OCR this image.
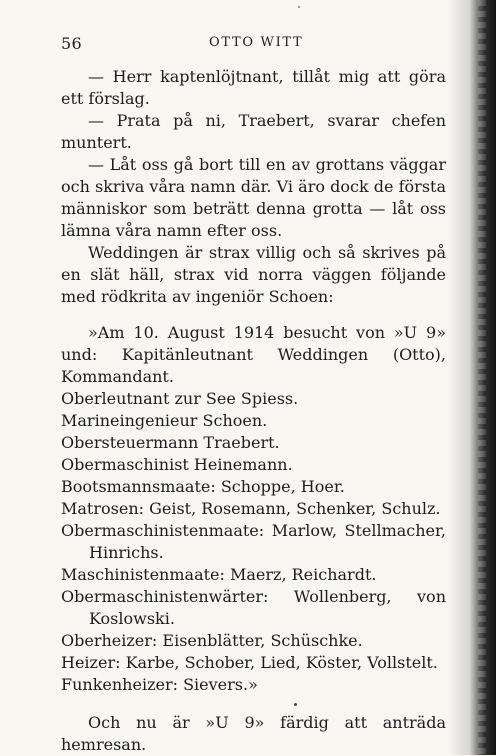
56	OTTO WITT

— Herr kaptenlöjtnant, tillåt mig att göra ett förslag.

— Prata på ni, Traebert, svarar chefen muntert.

— Låt oss gå bort till en av grottans väggar och skriva våra namn där. Vi äro dock de första människor som beträtt denna grotta — låt oss lämna våra namn efter oss.

Weddingen är strax villig och så skrives på en slät häll, strax vid norra väggen följande med rödkrita av ingeniör Schoen:

»Am 10. August 1914 besucht von »U 9» und: Kapitänleutnant Weddingen (Otto), Kommandant.

Oberleutnant zur See Spiess.

Marineingenieur Schoen.

Obersteuermann Traebert.

Obermaschinist Heinemann.

Bootsmannsmaate: Schoppe, Hoer.

Matrosen: Geist, Rosemann, Schenker, Schulz.

Obermaschinistenmaate: Marlow, Stellmacher, Hinrichs.

Maschinistenmaate: Maerz, Reichardt.

Obermaschinistenwärter: Wollenberg, von Koslowski.

Oberheizer: Eisenblätter, Schüschke.

Heizer: Karbe, Schober, Lied, Köster, Vollstelt.

Funkenheizer: Sievers.»

Och nu är »U 9» färdig att anträda hemresan.
